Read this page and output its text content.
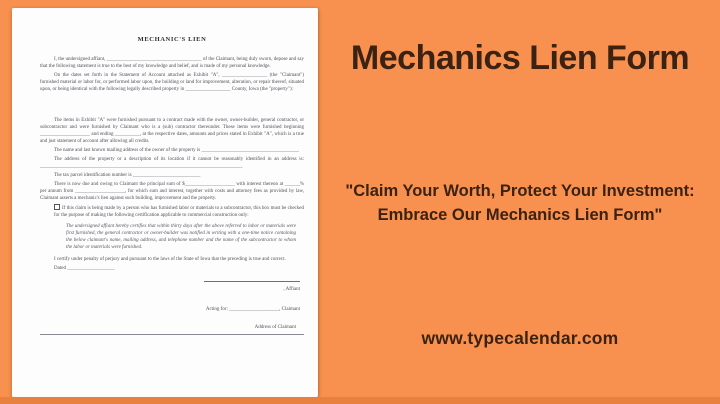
MECHANIC'S LIEN

I, the undersigned affiant, ______________________________________ of the Claimant, being duly sworn, depose and say that the following statement is true to the best of my knowledge and belief, and is made of my personal knowledge.

On the dates set forth in the Statement of Account attached as Exhibit "A", __________________ (the "Claimant") furnished material or labor for, or performed labor upon, the building or land for improvement, alteration, or repair thereof, situated upon, or being identical with the following legally described property in __________________ County, Iowa (the "property"):

The items in Exhibit "A" were furnished pursuant to a contract made with the owner, owner-builder, general contractor, or subcontractor and were furnished by Claimant who is a (sub) contractor thereunder. These items were furnished beginning ____________________ and ending __________, at the respective dates, amounts and prices stated in Exhibit "A", which is a true and just statement of account after allowing all credits.

The name and last known mailing address of the owner of the property is _______________________________________

The address of the property or a description of its location if it cannot be reasonably identified in an address is: _________________________________________________________________________________

The tax parcel identification number is ___________________________

There is now due and owing to Claimant the principal sum of $____________________ with interest thereon at ______% per annum from ____________________, for which sum and interest, together with costs and attorney fees as provided by law, Claimant asserts a mechanic's lien against such building, improvement and the property.

If this claim is being made by a person who has furnished labor or materials to a subcontractor, this box must be checked for the purpose of making the following certification applicable to commercial construction only:

The undersigned affiant hereby certifies that within thirty days after the above referred to labor or materials were first furnished, the general contractor or owner-builder was notified in writing with a one-time notice containing the below claimant's name, mailing address, and telephone number and the name of the subcontractor to whom the labor or materials were furnished.

I certify under penalty of perjury and pursuant to the laws of the State of Iowa that the preceding is true and correct.

Dated ___________________

, Affiant

Acting for: ____________________, Claimant

Address of Claimant

Mechanics Lien Form
"Claim Your Worth, Protect Your Investment:
Embrace Our Mechanics Lien Form"
www.typecalendar.com
